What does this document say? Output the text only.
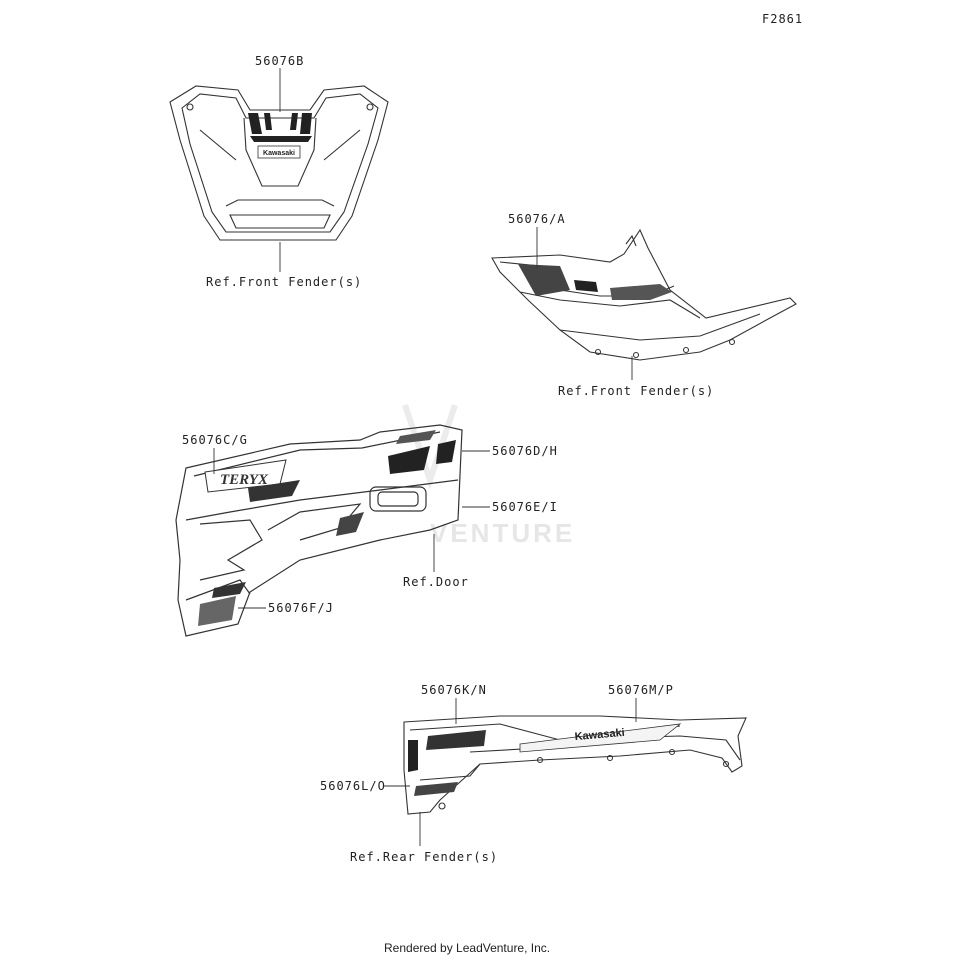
VENTURE
Kawasaki
TERYX
Kawasaki
F2861
56076B
Ref.Front Fender(s)
56076/A
Ref.Front Fender(s)
56076C/G
56076D/H
56076E/I
Ref.Door
56076F/J
56076K/N	56076M/P
56076L/O
Ref.Rear Fender(s)
Rendered by LeadVenture, Inc.
